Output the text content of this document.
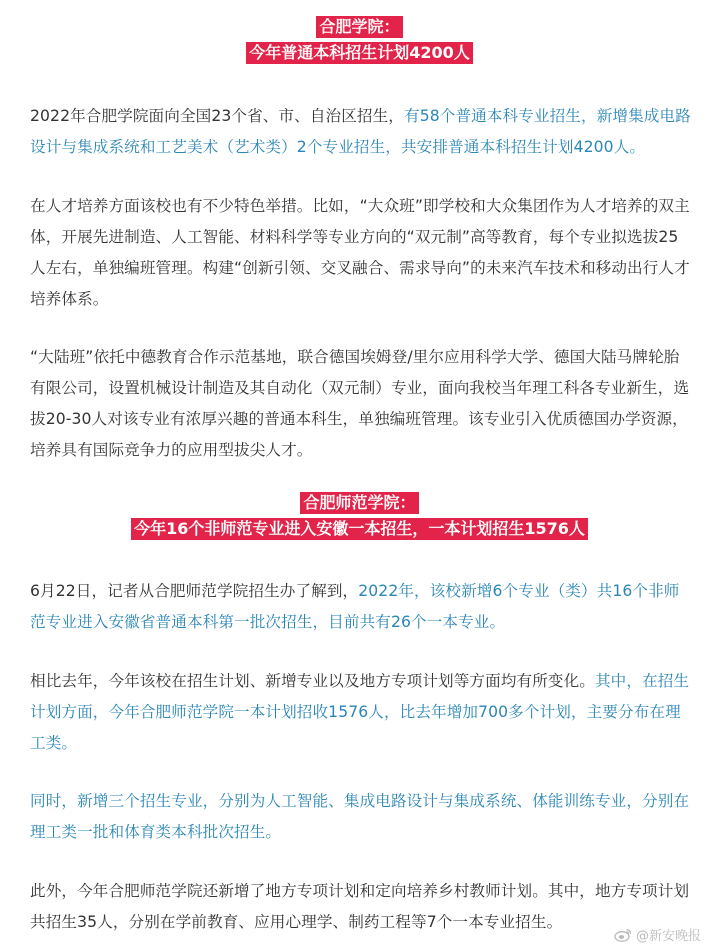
合肥学院：
今年普通本科招生计划4200人

2022年合肥学院面向全国23个省、市、自治区招生，有58个普通本科专业招生，新增集成电路设计与集成系统和工艺美术（艺术类）2个专业招生，共安排普通本科招生计划4200人。

在人才培养方面该校也有不少特色举措。比如，“大众班”即学校和大众集团作为人才培养的双主体，开展先进制造、人工智能、材料科学等专业方向的“双元制”高等教育，每个专业拟选拔25人左右，单独编班管理。构建“创新引领、交叉融合、需求导向”的未来汽车技术和移动出行人才培养体系。

“大陆班”依托中德教育合作示范基地，联合德国埃姆登/里尔应用科学大学、德国大陆马牌轮胎有限公司，设置机械设计制造及其自动化（双元制）专业，面向我校当年理工科各专业新生，选拔20-30人对该专业有浓厚兴趣的普通本科生，单独编班管理。该专业引入优质德国办学资源，培养具有国际竞争力的应用型拔尖人才。

合肥师范学院：
今年16个非师范专业进入安徽一本招生，一本计划招生1576人

6月22日，记者从合肥师范学院招生办了解到，2022年，该校新增6个专业（类）共16个非师范专业进入安徽省普通本科第一批次招生，目前共有26个一本专业。

相比去年，今年该校在招生计划、新增专业以及地方专项计划等方面均有所变化。其中，在招生计划方面，今年合肥师范学院一本计划招收1576人，比去年增加700多个计划，主要分布在理工类。

同时，新增三个招生专业，分别为人工智能、集成电路设计与集成系统、体能训练专业，分别在理工类一批和体育类本科批次招生。

此外，今年合肥师范学院还新增了地方专项计划和定向培养乡村教师计划。其中，地方专项计划共招生35人，分别在学前教育、应用心理学、制药工程等7个一本专业招生。

@新安晚报
